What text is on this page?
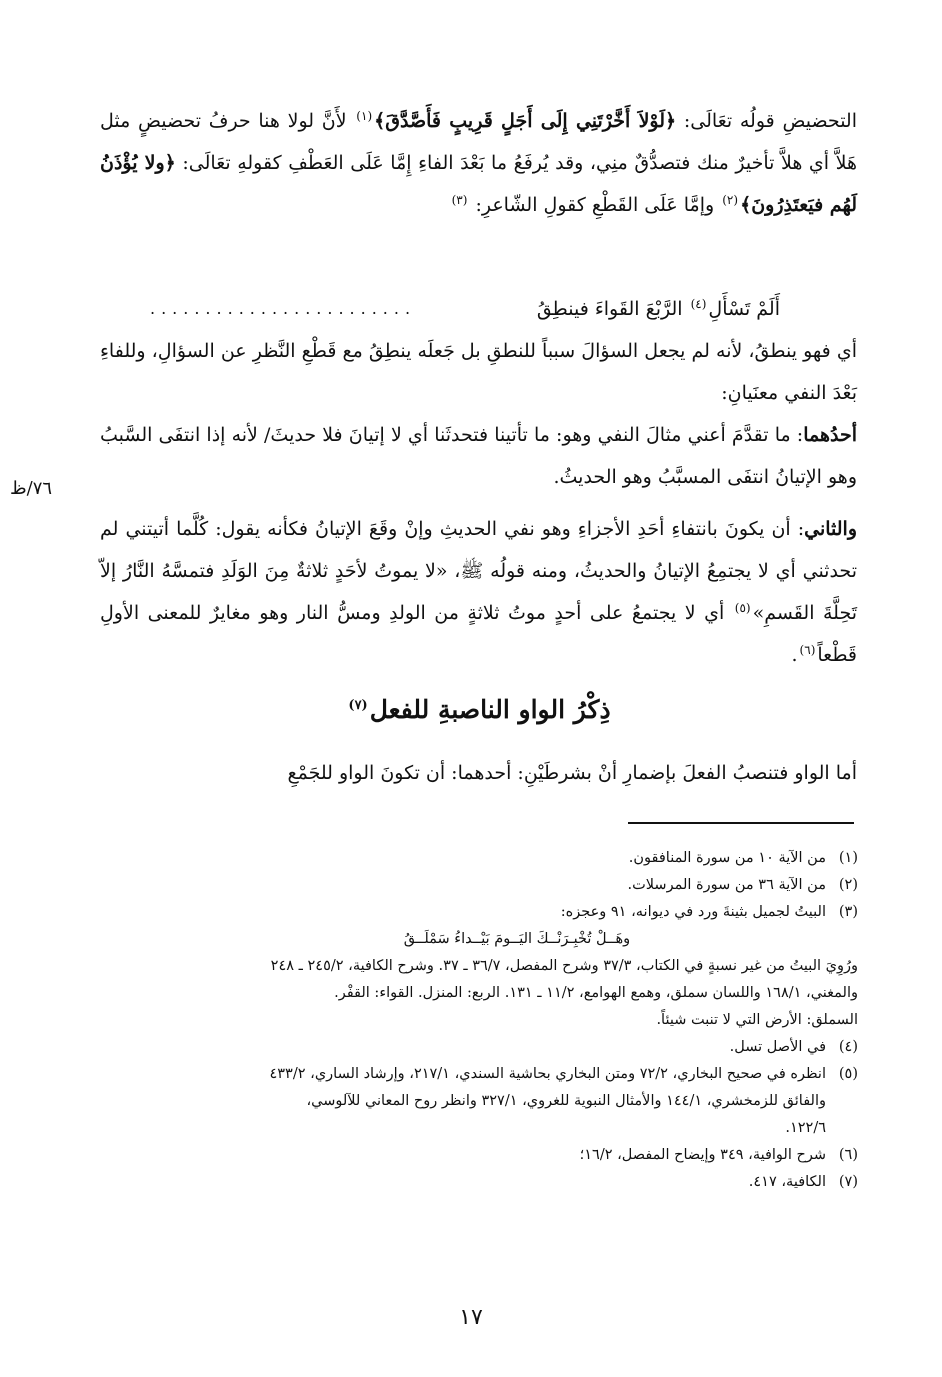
التحضيضِ قولُه تعَالَى: ﴿لَوْلاَ أَخَّرْتَنِي إِلَى أَجَلٍ قَرِيبٍ فَأَصَّدَّقَ﴾$^{(١)}$ لأَنَّ لولا هنا حرفُ تحضيضٍ مثل هَلاَّ أي هلاَّ تأخيرٌ منك فتصدُّقٌ منِي، وقد يُرفَعُ ما بَعْدَ الفاءِ إِمَّا عَلَى العَطْفِ كقولهِ تعَالَى: ﴿ولا يُؤْذَنُ لَهُم فيَعتَذِرُونَ﴾$^{(٢)}$ وإمَّا عَلَى القَطْعِ كقولِ الشّاعرِ: $^{(٣)}$

أَلَمْ تَسْأَلِ$^{(٤)}$ الرَّبْعَ القَواءَ فينطِقُ
........................

أي فهو ينطقُ، لأنه لم يجعل السؤالَ سبباً للنطقِ بل جَعلَه ينطِقُ مع قَطْعِ النَّظرِ عن السؤالِ، وللفاءِ بَعْدَ النفي معنَيانِ:

أحدُهما: ما تقدَّمَ أعني مثالَ النفي وهو: ما تأتينا فتحدثَنا أي لا إتيانَ فلا حديثَ/ لأنه إذا انتفَى السَّببُ وهو الإتيانُ انتفَى المسبَّبُ وهو الحديثُ.

٧٦/ظ

والثاني: أن يكونَ بانتفاءِ أحَدِ الأجزاءِ وهو نفي الحديثِ وإنْ وقَعَ الإتيانُ فكأنه يقول: كُلَّما أتيتني لم تحدثني أي لا يجتمِعُ الإتيانُ والحديثُ، ومنه قولُه ﷺ، «لا يموتُ لأحَدٍ ثلاثةٌ مِنَ الوَلَدِ فتمسَّهُ النَّارُ إلاّ تَحِلَّةَ القَسمِ»$^{(٥)}$ أي لا يجتمعُ على أحدٍ موتُ ثلاثةٍ من الولدِ ومسُّ النار وهو مغايرٌ للمعنى الأولِ قَطْعاً$^{(٦)}$.

ذِكْرُ الواو الناصبةِ للفعل$^{(٧)}$
أما الواو فتنصبُ الفعلَ بإضمارِ أنْ بشرطَيْنِ: أحدهما: أن تكونَ الواو للجَمْعِ
(١)
من الآية ١٠ من سورة المنافقون.
(٢)
من الآية ٣٦ من سورة المرسلات.
(٣)
البيتُ لجميل بثينةَ ورد في ديوانه، ٩١ وعجزه:
وهَــلْ تُخْبِـرَنْــكَ اليَــومَ بَيْــداءُ سَمْلَــقُ
ورُوِيَ البيتُ من غير نسبةٍ في الكتاب، ٣٧/٣ وشرح المفصل، ٣٦/٧ ـ ٣٧. وشرح الكافية، ٢٤٥/٢ ـ ٢٤٨
والمغني، ١٦٨/١ واللسان سملق، وهمع الهوامع، ١١/٢ ـ ١٣١. الربع: المنزل. القواء: القفْر.
السملق: الأرض التي لا تنبت شيئاً.
(٤)
في الأصل تسل.
(٥)
انظره في صحيح البخاري، ٧٢/٢ ومتن البخاري بحاشية السندي، ٢١٧/١، وإرشاد الساري، ٤٣٣/٢
والفائق للزمخشري، ١٤٤/١ والأمثال النبوية للغروي، ٣٢٧/١ وانظر روح المعاني للآلوسي،
١٢٢/٦.
(٦)
شرح الوافية، ٣٤٩ وإيضاح المفصل، ١٦/٢؛
(٧)
الكافية، ٤١٧.
١٧
